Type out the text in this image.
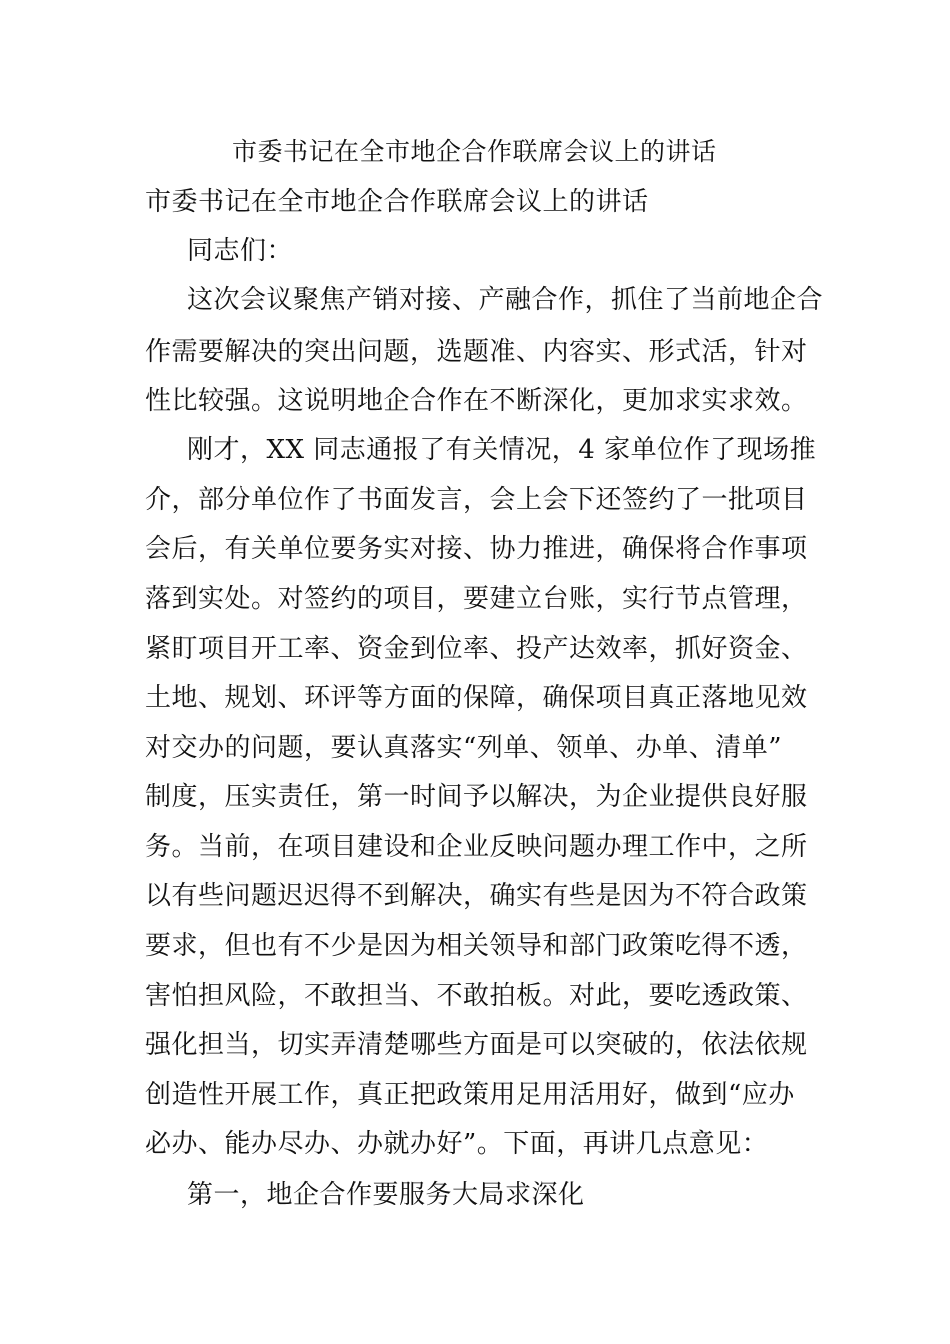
市委书记在全市地企合作联席会议上的讲话
市委书记在全市地企合作联席会议上的讲话
同志们：
这次会议聚焦产销对接、产融合作，抓住了当前地企合
作需要解决的突出问题，选题准、内容实、形式活，针对
性比较强。这说明地企合作在不断深化，更加求实求效。
刚才，XX 同志通报了有关情况，4 家单位作了现场推
介，部分单位作了书面发言，会上会下还签约了一批项目
会后，有关单位要务实对接、协力推进，确保将合作事项
落到实处。对签约的项目，要建立台账，实行节点管理，
紧盯项目开工率、资金到位率、投产达效率，抓好资金、
土地、规划、环评等方面的保障，确保项目真正落地见效
对交办的问题，要认真落实“列单、领单、办单、清单”
制度，压实责任，第一时间予以解决，为企业提供良好服
务。当前，在项目建设和企业反映问题办理工作中，之所
以有些问题迟迟得不到解决，确实有些是因为不符合政策
要求，但也有不少是因为相关领导和部门政策吃得不透，
害怕担风险，不敢担当、不敢拍板。对此，要吃透政策、
强化担当，切实弄清楚哪些方面是可以突破的，依法依规
创造性开展工作，真正把政策用足用活用好，做到“应办
必办、能办尽办、办就办好”。下面，再讲几点意见：
第一，地企合作要服务大局求深化
